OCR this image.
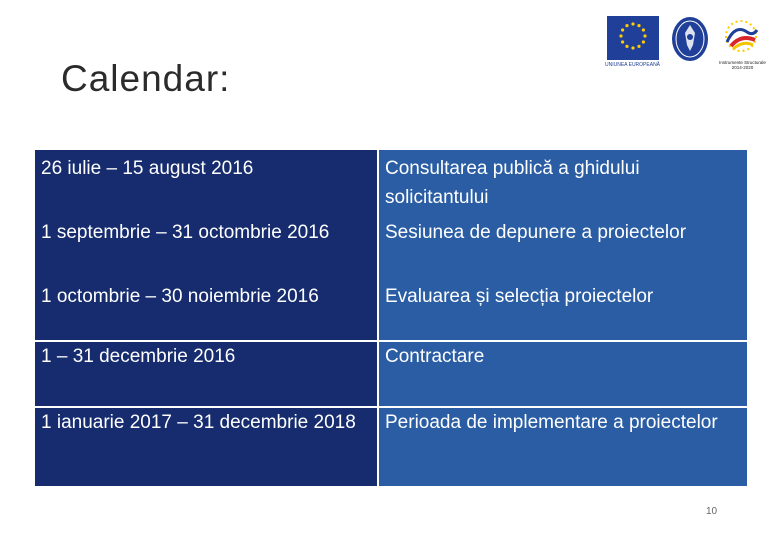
Calendar:	UNIUNEA EUROPEANĂ	Instrumente Structurale 2014-2020
26 iulie – 15 august 2016	Consultarea publică a ghidului solicitantului
1 septembrie – 31 octombrie 2016	Sesiunea de depunere a proiectelor
1 octombrie – 30 noiembrie 2016	Evaluarea și selecția proiectelor
1 – 31 decembrie 2016	Contractare
1 ianuarie 2017 – 31 decembrie 2018	Perioada de implementare a proiectelor
10
